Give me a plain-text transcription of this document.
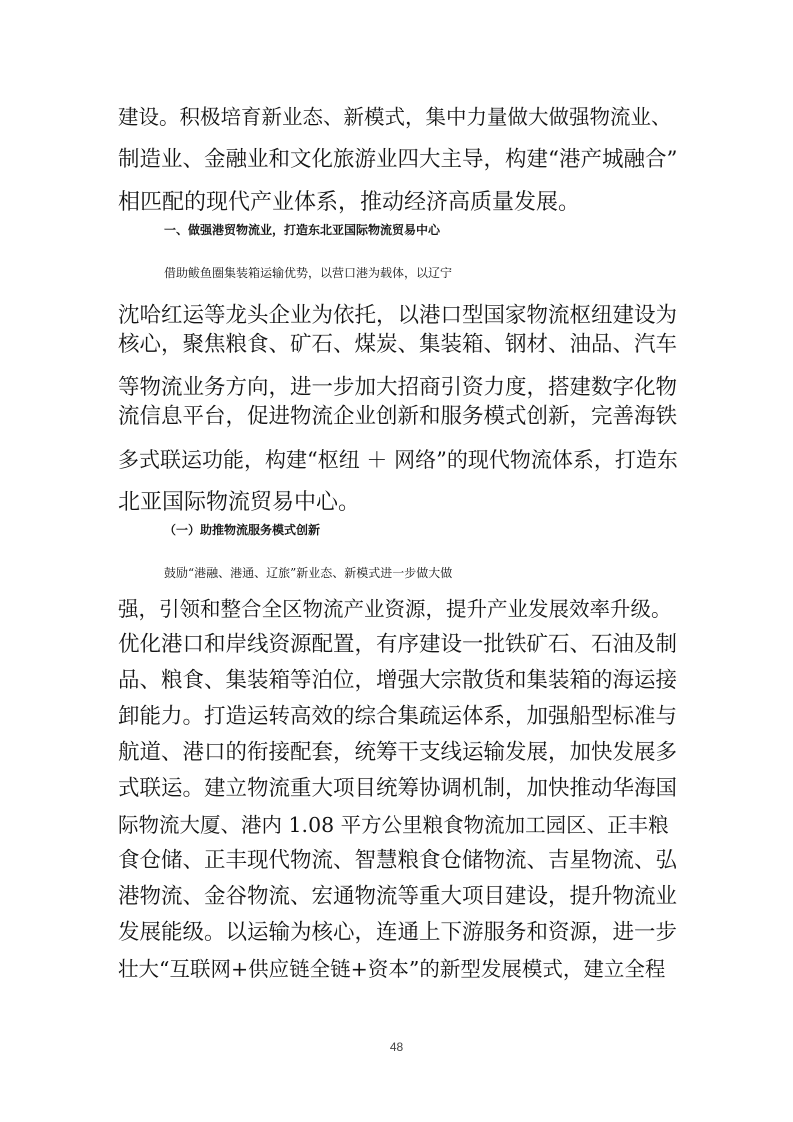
建设。积极培育新业态、新模式，集中力量做大做强物流业、
制造业、金融业和文化旅游业四大主导，构建“港产城融合”
相匹配的现代产业体系，推动经济高质量发展。
一、做强港贸物流业，打造东北亚国际物流贸易中心
借助鲅鱼圈集装箱运输优势，以营口港为载体，以辽宁
沈哈红运等龙头企业为依托，以港口型国家物流枢纽建设为
核心，聚焦粮食、矿石、煤炭、集装箱、钢材、油品、汽车
等物流业务方向，进一步加大招商引资力度，搭建数字化物
流信息平台，促进物流企业创新和服务模式创新，完善海铁
多式联运功能，构建“枢纽 ＋ 网络”的现代物流体系，打造东
北亚国际物流贸易中心。
（一）助推物流服务模式创新
鼓励“港融、港通、辽旅”新业态、新模式进一步做大做
强，引领和整合全区物流产业资源，提升产业发展效率升级。
优化港口和岸线资源配置，有序建设一批铁矿石、石油及制
品、粮食、集装箱等泊位，增强大宗散货和集装箱的海运接
卸能力。打造运转高效的综合集疏运体系，加强船型标准与
航道、港口的衔接配套，统筹干支线运输发展，加快发展多
式联运。建立物流重大项目统筹协调机制，加快推动华海国
际物流大厦、港内 1.08 平方公里粮食物流加工园区、正丰粮
食仓储、正丰现代物流、智慧粮食仓储物流、吉星物流、弘
港物流、金谷物流、宏通物流等重大项目建设，提升物流业
发展能级。以运输为核心，连通上下游服务和资源，进一步
壮大“互联网+供应链全链+资本”的新型发展模式，建立全程
48
